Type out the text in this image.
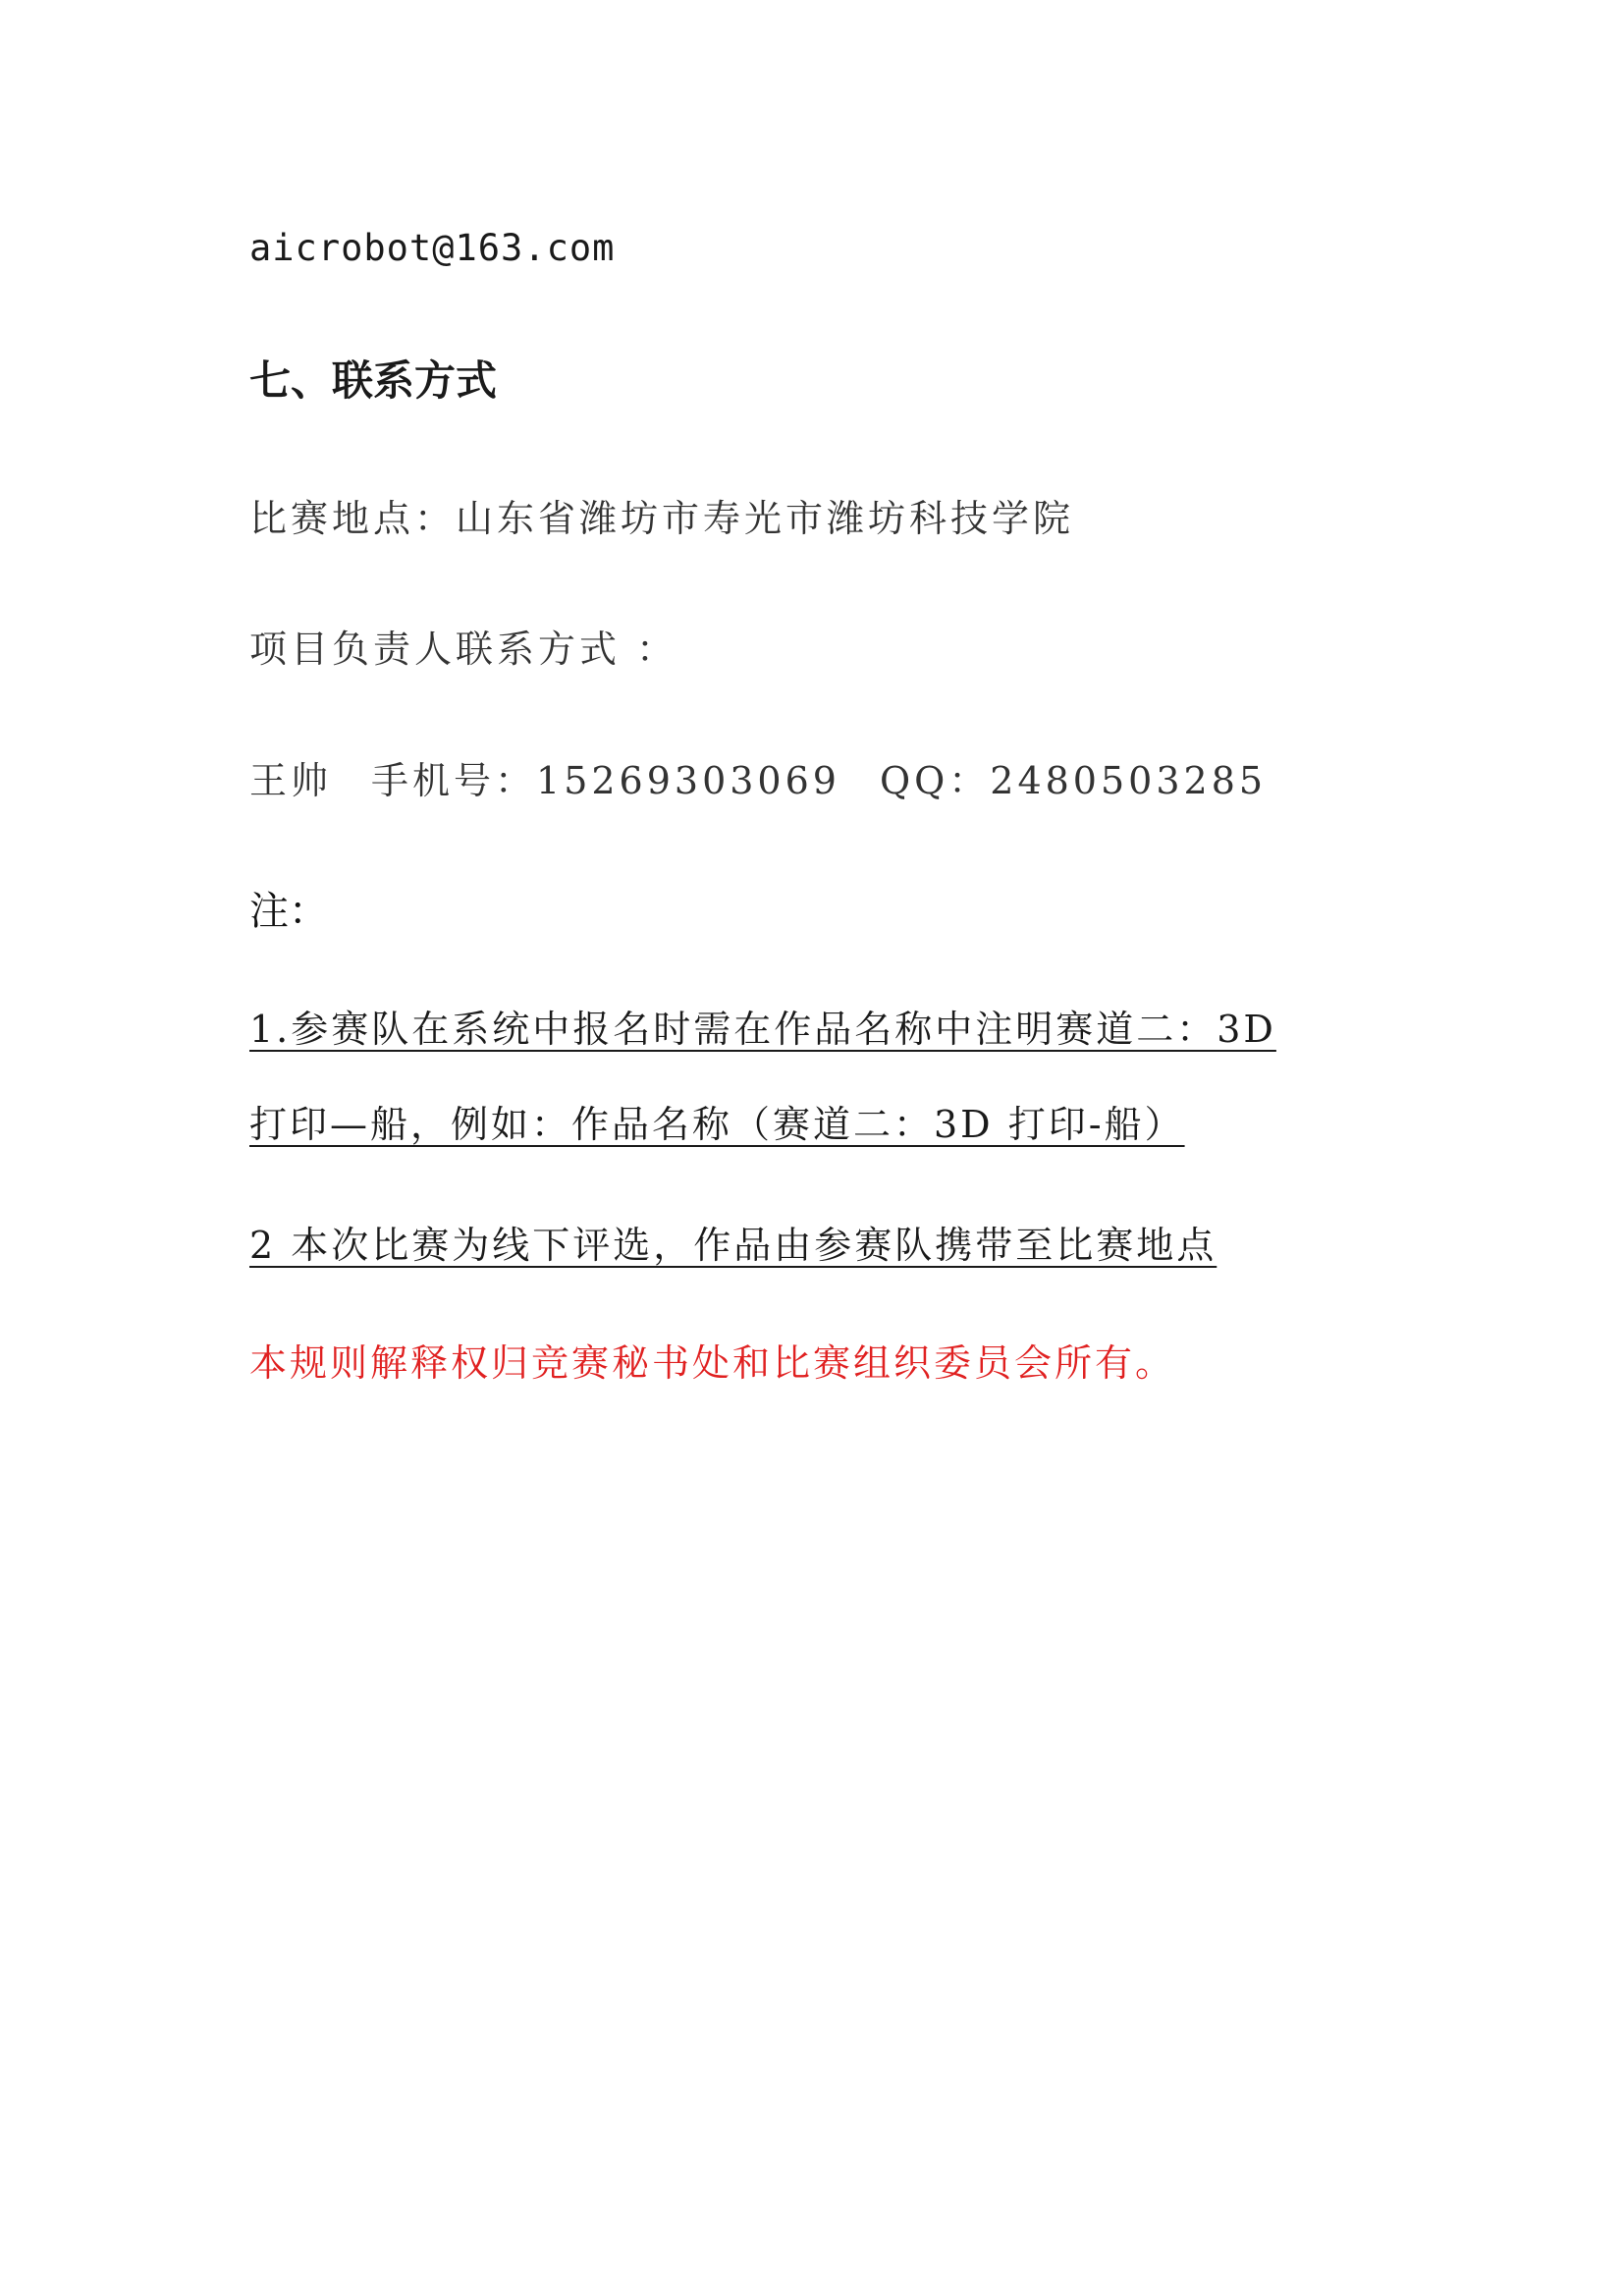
aicrobot@163.com
七、联系方式
比赛地点：山东省潍坊市寿光市潍坊科技学院
项目负责人联系方式 ：
王帅 手机号：15269303069 QQ：2480503285
注：
1.参赛队在系统中报名时需在作品名称中注明赛道二：3D
打印—船，例如：作品名称（赛道二：3D 打印-船）
2 本次比赛为线下评选，作品由参赛队携带至比赛地点
本规则解释权归竞赛秘书处和比赛组织委员会所有。
